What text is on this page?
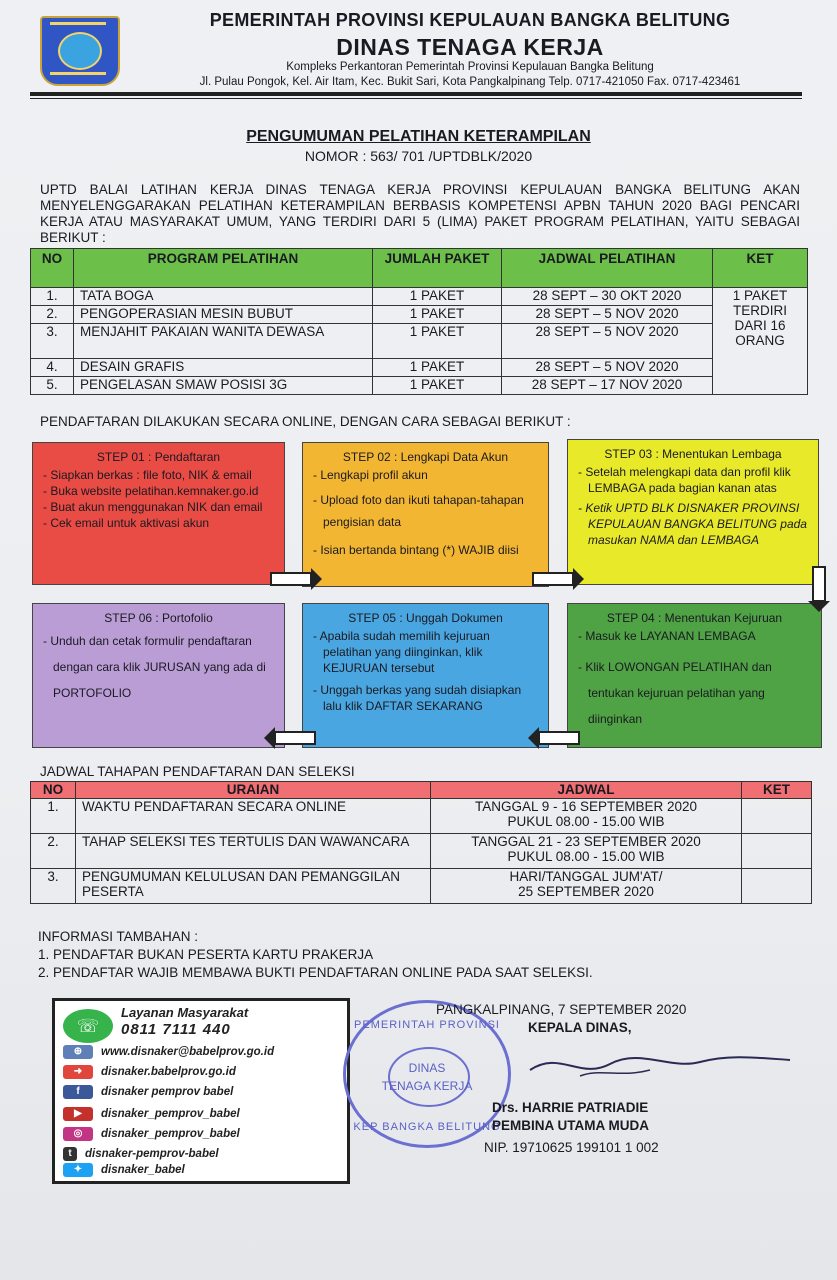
PEMERINTAH PROVINSI KEPULAUAN BANGKA BELITUNG
DINAS TENAGA KERJA
Kompleks Perkantoran Pemerintah Provinsi Kepulauan Bangka Belitung
Jl. Pulau Pongok, Kel. Air Itam, Kec. Bukit Sari, Kota Pangkalpinang Telp. 0717-421050 Fax. 0717-423461
PENGUMUMAN PELATIHAN KETERAMPILAN
NOMOR : 563/ 701 /UPTDBLK/2020
UPTD BALAI LATIHAN KERJA DINAS TENAGA KERJA PROVINSI KEPULAUAN BANGKA BELITUNG AKAN MENYELENGGARAKAN PELATIHAN KETERAMPILAN BERBASIS KOMPETENSI APBN TAHUN 2020 BAGI PENCARI KERJA ATAU MASYARAKAT UMUM, YANG TERDIRI DARI 5 (LIMA) PAKET PROGRAM PELATIHAN, YAITU SEBAGAI BERIKUT :
NO	PROGRAM PELATIHAN	JUMLAH PAKET	JADWAL PELATIHAN	KET
1.	TATA BOGA	1 PAKET	28 SEPT – 30 OKT 2020	1 PAKET TERDIRI DARI 16 ORANG
2.	PENGOPERASIAN MESIN BUBUT	1 PAKET	28 SEPT – 5 NOV 2020	
3.	MENJAHIT PAKAIAN WANITA DEWASA	1 PAKET	28 SEPT – 5 NOV 2020	
4.	DESAIN GRAFIS	1 PAKET	28 SEPT – 5 NOV 2020	
5.	PENGELASAN SMAW POSISI 3G	1 PAKET	28 SEPT – 17 NOV 2020	
PENDAFTARAN DILAKUKAN SECARA ONLINE, DENGAN CARA SEBAGAI BERIKUT :
STEP 01 : Pendaftaran

- Siapkan berkas : file foto, NIK & email

- Buka website pelatihan.kemnaker.go.id

- Buat akun menggunakan NIK dan email

- Cek email untuk aktivasi akun

STEP 02 : Lengkapi Data Akun

- Lengkapi profil akun

- Upload foto dan ikuti tahapan-tahapan pengisian data

- Isian bertanda bintang (*) WAJIB diisi

STEP 03 : Menentukan Lembaga

- Setelah melengkapi data dan profil klik LEMBAGA pada bagian kanan atas

- Ketik UPTD BLK DISNAKER PROVINSI KEPULAUAN BANGKA BELITUNG pada masukan NAMA dan LEMBAGA

STEP 06 : Portofolio

- Unduh dan cetak formulir pendaftaran dengan cara klik JURUSAN yang ada di PORTOFOLIO

STEP 05 : Unggah Dokumen

- Apabila sudah memilih kejuruan pelatihan yang diinginkan, klik KEJURUAN tersebut

- Unggah berkas yang sudah disiapkan lalu klik DAFTAR SEKARANG

STEP 04 : Menentukan Kejuruan

- Masuk ke LAYANAN LEMBAGA

- Klik LOWONGAN PELATIHAN dan tentukan kejuruan pelatihan yang diinginkan

JADWAL TAHAPAN PENDAFTARAN DAN SELEKSI
NO	URAIAN	JADWAL	KET
1.	WAKTU PENDAFTARAN SECARA ONLINE	TANGGAL 9 - 16 SEPTEMBER 2020
PUKUL 08.00 - 15.00 WIB	

2.	TAHAP SELEKSI TES TERTULIS DAN WAWANCARA	TANGGAL 21 - 23 SEPTEMBER 2020
PUKUL 08.00 - 15.00 WIB	

3.	PENGUMUMAN KELULUSAN DAN PEMANGGILAN PESERTA	HARI/TANGGAL JUM'AT/
25 SEPTEMBER 2020	

INFORMASI TAMBAHAN :
1. PENDAFTAR BUKAN PESERTA KARTU PRAKERJA
2. PENDAFTAR WAJIB MEMBAWA BUKTI PENDAFTARAN ONLINE PADA SAAT SELEKSI.
☏
Layanan Masyarakat
0811 7111 440
⊕ www.disnaker@babelprov.go.id
➜ disnaker.babelprov.go.id
f disnaker pemprov babel
▶ disnaker_pemprov_babel
◎ disnaker_pemprov_babel
t disnaker-pemprov-babel
✦ disnaker_babel
PEMERINTAH PROVINSI
DINAS
TENAGA KERJA
KEP BANGKA BELITUNG
PANGKALPINANG, 7 SEPTEMBER 2020
KEPALA DINAS,
Drs. HARRIE PATRIADIE
PEMBINA UTAMA MUDA
NIP. 19710625 199101 1 002
